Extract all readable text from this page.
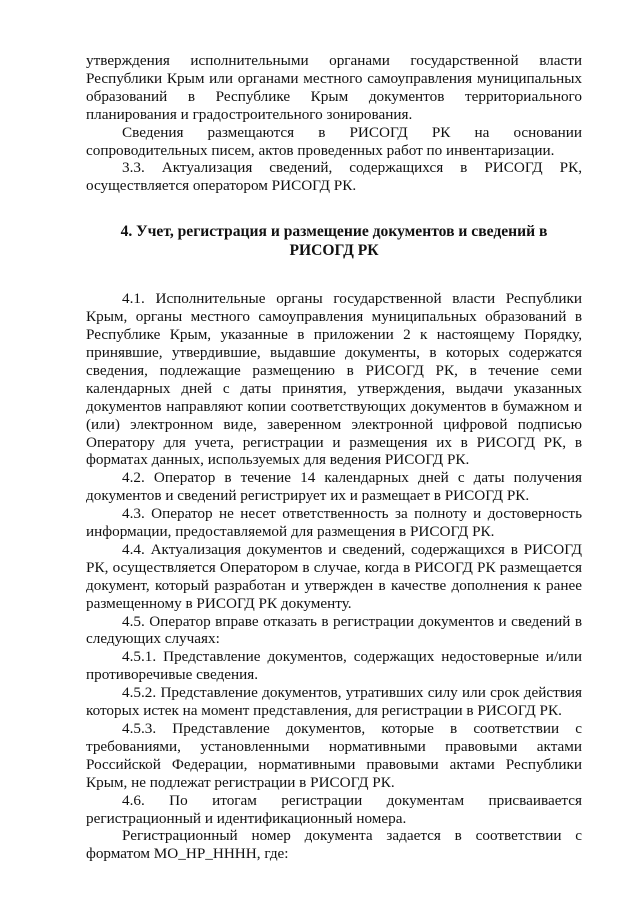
утверждения исполнительными органами государственной власти Республики Крым или органами местного самоуправления муниципальных образований в Республике Крым документов территориального планирования и градостроительного зонирования.

Сведения размещаются в РИСОГД РК на основании сопроводительных писем, актов проведенных работ по инвентаризации.

3.3. Актуализация сведений, содержащихся в РИСОГД РК, осуществляется оператором РИСОГД РК.

4. Учет, регистрация и размещение документов и сведений в
РИСОГД РК

4.1. Исполнительные органы государственной власти Республики Крым, органы местного самоуправления муниципальных образований в Республике Крым, указанные в приложении 2 к настоящему Порядку, принявшие, утвердившие, выдавшие документы, в которых содержатся сведения, подлежащие размещению в РИСОГД РК, в течение семи календарных дней с даты принятия, утверждения, выдачи указанных документов направляют копии соответствующих документов в бумажном и (или) электронном виде, заверенном электронной цифровой подписью Оператору для учета, регистрации и размещения их в РИСОГД РК, в форматах данных, используемых для ведения РИСОГД РК.

4.2. Оператор в течение 14 календарных дней с даты получения документов и сведений регистрирует их и размещает в РИСОГД РК.

4.3. Оператор не несет ответственность за полноту и достоверность информации, предоставляемой для размещения в РИСОГД РК.

4.4. Актуализация документов и сведений, содержащихся в РИСОГД РК, осуществляется Оператором в случае, когда в РИСОГД РК размещается документ, который разработан и утвержден в качестве дополнения к ранее размещенному в РИСОГД РК документу.

4.5. Оператор вправе отказать в регистрации документов и сведений в следующих случаях:

4.5.1. Представление документов, содержащих недостоверные и/или противоречивые сведения.

4.5.2. Представление документов, утративших силу или срок действия которых истек на момент представления, для регистрации в РИСОГД РК.

4.5.3. Представление документов, которые в соответствии с требованиями, установленными нормативными правовыми актами Российской Федерации, нормативными правовыми актами Республики Крым, не подлежат регистрации в РИСОГД РК.

4.6. По итогам регистрации документам присваивается регистрационный и идентификационный номера.

Регистрационный номер документа задается в соответствии с форматом МО_НР_НННН, где:
